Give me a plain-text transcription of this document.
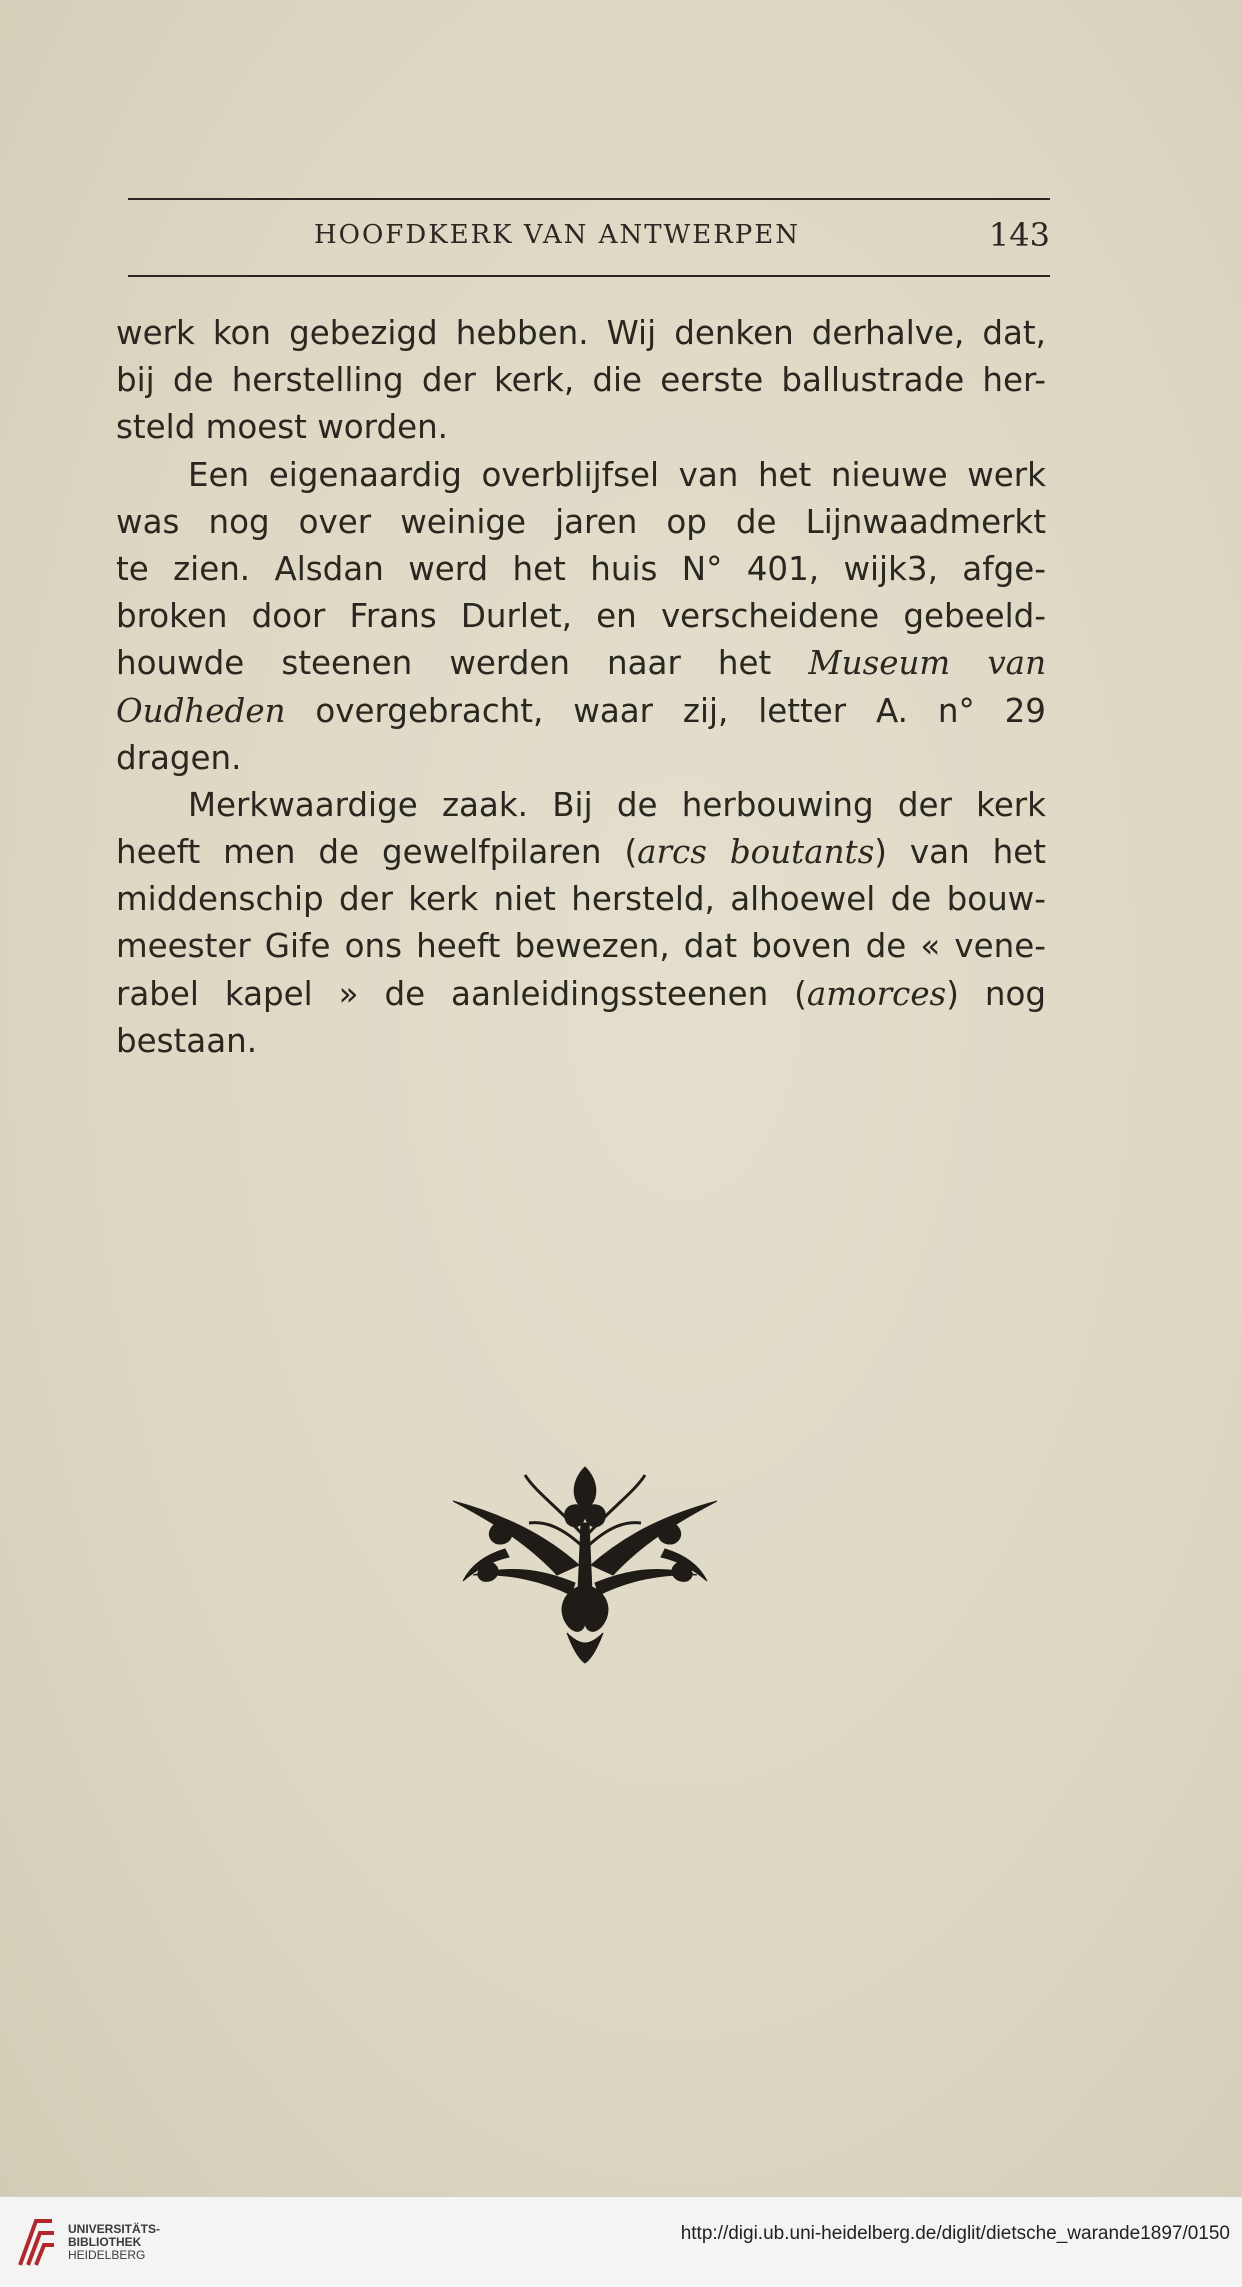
HOOFDKERK VAN ANTWERPEN	143
werk kon gebezigd hebben. Wij denken derhalve, dat,
bij de herstelling der kerk, die eerste ballustrade her-
steld moest worden.
Een eigenaardig overblijfsel van het nieuwe werk
was nog over weinige jaren op de Lijnwaadmerkt
te zien. Alsdan werd het huis N° 401, wijk3, afge-
broken door Frans Durlet, en verscheidene gebeeld-
houwde steenen werden naar het Museum van
Oudheden overgebracht, waar zij, letter A. n° 29
dragen.
Merkwaardige zaak. Bij de herbouwing der kerk
heeft men de gewelfpilaren (arcs boutants) van het
middenschip der kerk niet hersteld, alhoewel de bouw-
meester Gife ons heeft bewezen, dat boven de « vene-
rabel kapel » de aanleidingssteenen (amorces) nog
bestaan.
UNIVERSITÄTS-
BIBLIOTHEK
HEIDELBERG
http://digi.ub.uni-heidelberg.de/diglit/dietsche_warande1897/0150
